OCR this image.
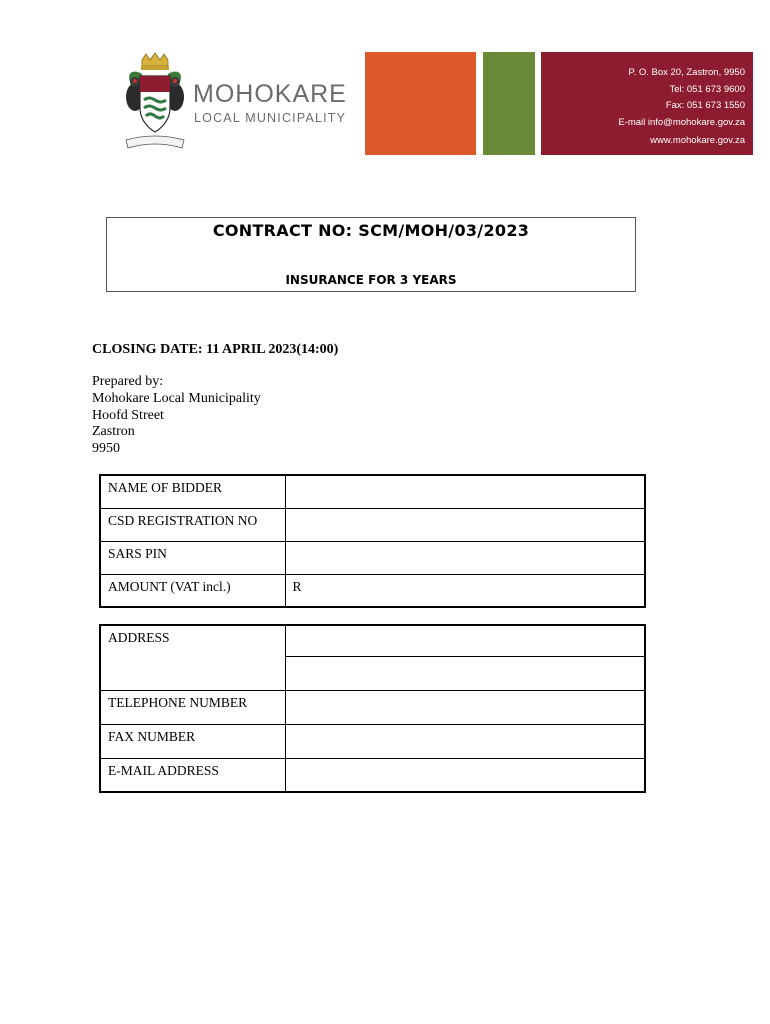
MOHOKARE
LOCAL MUNICIPALITY
P. O. Box 20, Zastron, 9950
Tel: 051 673 9600
Fax: 051 673 1550
E-mail info@mohokare.gov.za
www.mohokare.gov.za
CONTRACT NO: SCM/MOH/03/2023
INSURANCE FOR 3 YEARS
CLOSING DATE: 11 APRIL 2023(14:00)
Prepared by:
Mohokare Local Municipality
Hoofd Street
Zastron
9950
NAME OF BIDDER	
CSD REGISTRATION NO	
SARS PIN	
AMOUNT (VAT incl.)	R
ADDRESS	

TELEPHONE NUMBER	
FAX NUMBER	
E-MAIL ADDRESS	
